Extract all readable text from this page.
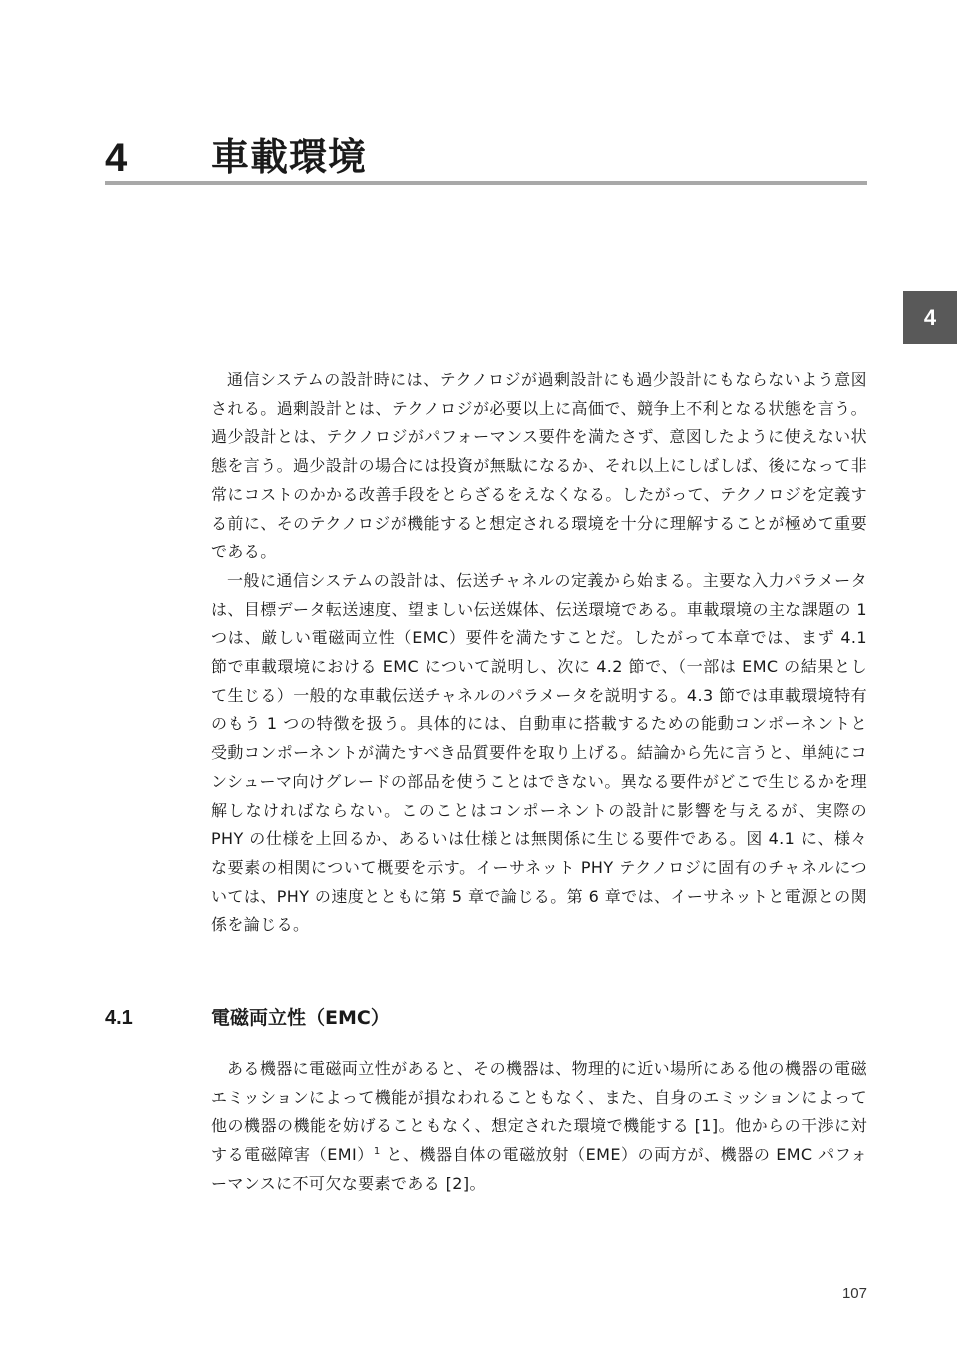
4 車載環境
4

通信システムの設計時には、テクノロジが過剰設計にも過少設計にもならないよう意図される。過剰設計とは、テクノロジが必要以上に高価で、競争上不利となる状態を言う。過少設計とは、テクノロジがパフォーマンス要件を満たさず、意図したように使えない状態を言う。過少設計の場合には投資が無駄になるか、それ以上にしばしば、後になって非常にコストのかかる改善手段をとらざるをえなくなる。したがって、テクノロジを定義する前に、そのテクノロジが機能すると想定される環境を十分に理解することが極めて重要である。

一般に通信システムの設計は、伝送チャネルの定義から始まる。主要な入力パラメータは、目標データ転送速度、望ましい伝送媒体、伝送環境である。車載環境の主な課題の 1 つは、厳しい電磁両立性（EMC）要件を満たすことだ。したがって本章では、まず 4.1 節で車載環境における EMC について説明し、次に 4.2 節で、（一部は EMC の結果として生じる）一般的な車載伝送チャネルのパラメータを説明する。4.3 節では車載環境特有のもう 1 つの特徴を扱う。具体的には、自動車に搭載するための能動コンポーネントと受動コンポーネントが満たすべき品質要件を取り上げる。結論から先に言うと、単純にコンシューマ向けグレードの部品を使うことはできない。異なる要件がどこで生じるかを理解しなければならない。このことはコンポーネントの設計に影響を与えるが、実際の PHY の仕様を上回るか、あるいは仕様とは無関係に生じる要件である。図 4.1 に、様々な要素の相関について概要を示す。イーサネット PHY テクノロジに固有のチャネルについては、PHY の速度とともに第 5 章で論じる。第 6 章では、イーサネットと電源との関係を論じる。

4.1	電磁両立性（EMC）

ある機器に電磁両立性があると、その機器は、物理的に近い場所にある他の機器の電磁エミッションによって機能が損なわれることもなく、また、自身のエミッションによって他の機器の機能を妨げることもなく、想定された環境で機能する [1]。他からの干渉に対する電磁障害（EMI）$^1$ と、機器自体の電磁放射（EME）の両方が、機器の EMC パフォーマンスに不可欠な要素である [2]。

107
